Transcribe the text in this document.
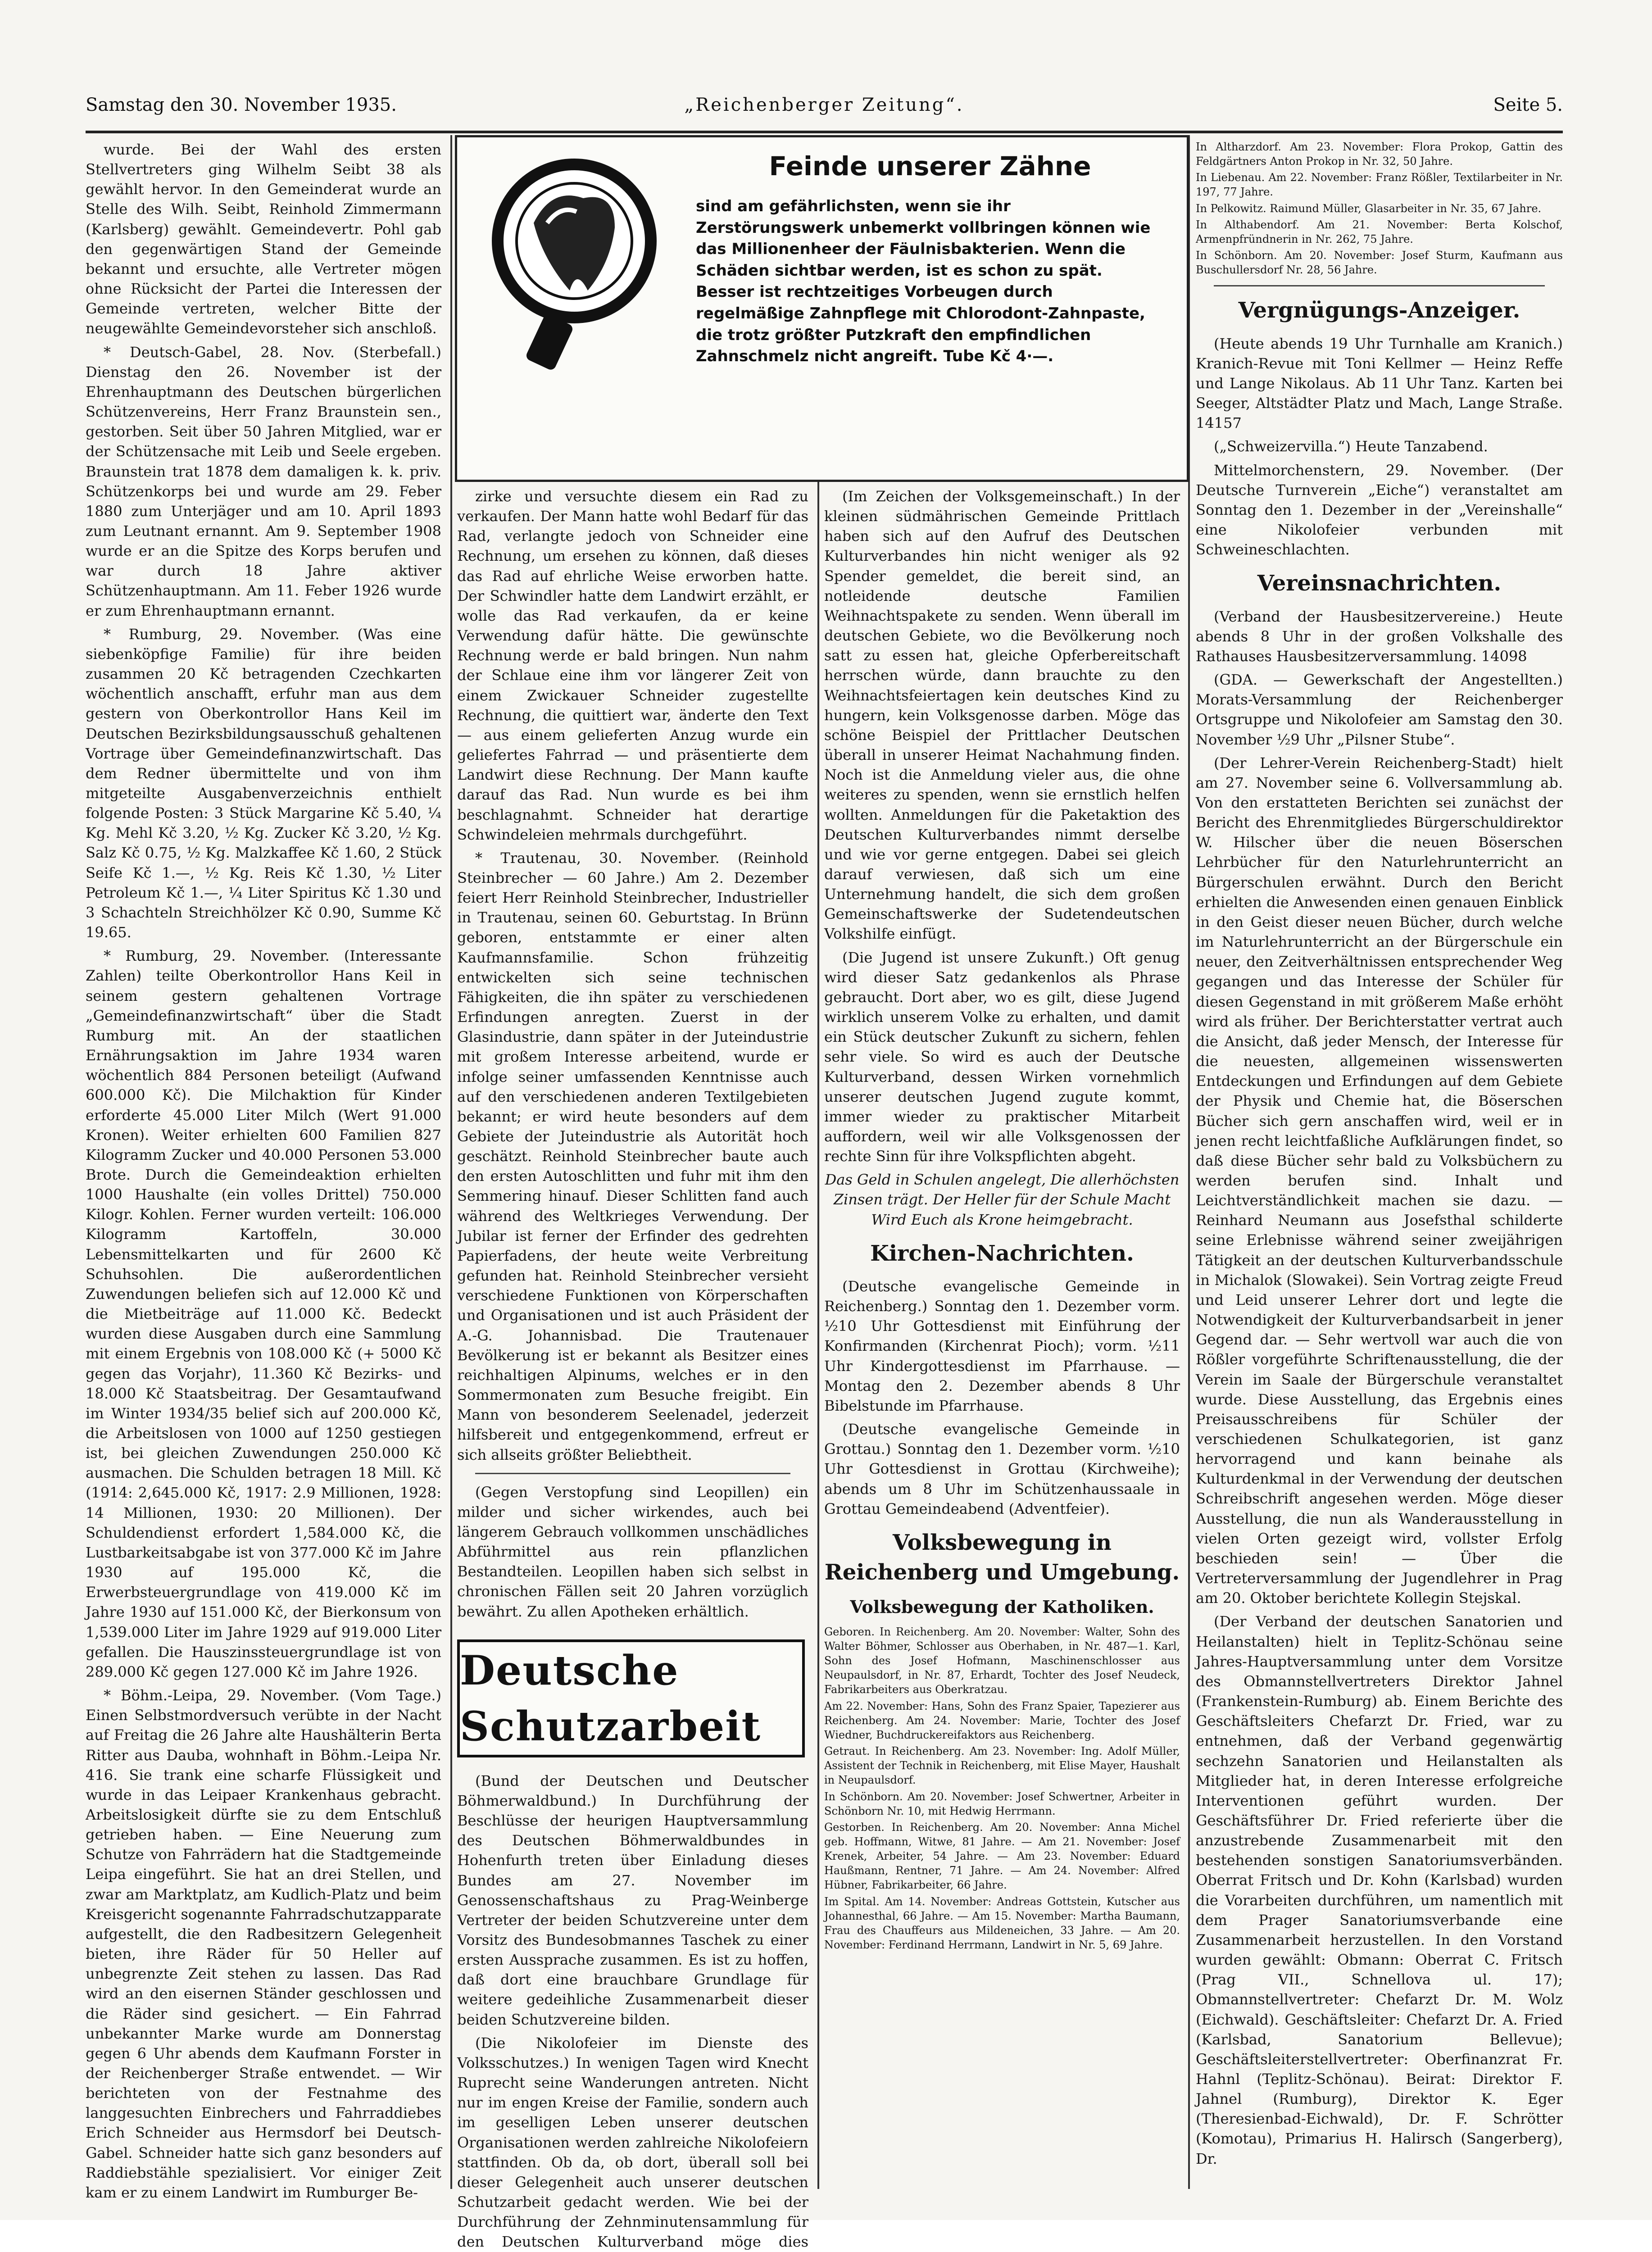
Samstag den 30. November 1935.	„Reichenberger Zeitung“.	Seite 5.
Feinde unserer Zähne
sind am gefährlichsten, wenn sie ihr Zerstörungswerk unbemerkt vollbringen können wie das Millionenheer der Fäulnisbakterien. Wenn die Schäden sichtbar werden, ist es schon zu spät. Besser ist rechtzeitiges Vorbeugen durch regelmäßige Zahnpflege mit Chlorodont-Zahnpaste, die trotz größter Putzkraft den empfindlichen Zahnschmelz nicht angreift. Tube Kč 4·—.

wurde. Bei der Wahl des ersten Stellvertreters ging Wilhelm Seibt 38 als gewählt hervor. In den Gemeinderat wurde an Stelle des Wilh. Seibt, Reinhold Zimmermann (Karlsberg) gewählt. Gemeindevertr. Pohl gab den gegenwärtigen Stand der Gemeinde bekannt und ersuchte, alle Vertreter mögen ohne Rücksicht der Partei die Interessen der Gemeinde vertreten, welcher Bitte der neugewählte Gemeindevorsteher sich anschloß.

* Deutsch-Gabel, 28. Nov. (Sterbefall.) Dienstag den 26. November ist der Ehrenhauptmann des Deutschen bürgerlichen Schützenvereins, Herr Franz Braunstein sen., gestorben. Seit über 50 Jahren Mitglied, war er der Schützensache mit Leib und Seele ergeben. Braunstein trat 1878 dem damaligen k. k. priv. Schützenkorps bei und wurde am 29. Feber 1880 zum Unterjäger und am 10. April 1893 zum Leutnant ernannt. Am 9. September 1908 wurde er an die Spitze des Korps berufen und war durch 18 Jahre aktiver Schützenhauptmann. Am 11. Feber 1926 wurde er zum Ehrenhauptmann ernannt.

* Rumburg, 29. November. (Was eine siebenköpfige Familie) für ihre beiden zusammen 20 Kč betragenden Czechkarten wöchentlich anschafft, erfuhr man aus dem gestern von Oberkontrollor Hans Keil im Deutschen Bezirksbildungsausschuß gehaltenen Vortrage über Gemeindefinanzwirtschaft. Das dem Redner übermittelte und von ihm mitgeteilte Ausgabenverzeichnis enthielt folgende Posten: 3 Stück Margarine Kč 5.40, ¼ Kg. Mehl Kč 3.20, ½ Kg. Zucker Kč 3.20, ½ Kg. Salz Kč 0.75, ½ Kg. Malzkaffee Kč 1.60, 2 Stück Seife Kč 1.—, ½ Kg. Reis Kč 1.30, ½ Liter Petroleum Kč 1.—, ¼ Liter Spiritus Kč 1.30 und 3 Schachteln Streichhölzer Kč 0.90, Summe Kč 19.65.

* Rumburg, 29. November. (Interessante Zahlen) teilte Oberkontrollor Hans Keil in seinem gestern gehaltenen Vortrage „Gemeindefinanzwirtschaft“ über die Stadt Rumburg mit. An der staatlichen Ernährungsaktion im Jahre 1934 waren wöchentlich 884 Personen beteiligt (Aufwand 600.000 Kč). Die Milchaktion für Kinder erforderte 45.000 Liter Milch (Wert 91.000 Kronen). Weiter erhielten 600 Familien 827 Kilogramm Zucker und 40.000 Personen 53.000 Brote. Durch die Gemeindeaktion erhielten 1000 Haushalte (ein volles Drittel) 750.000 Kilogr. Kohlen. Ferner wurden verteilt: 106.000 Kilogramm Kartoffeln, 30.000 Lebensmittelkarten und für 2600 Kč Schuhsohlen. Die außerordentlichen Zuwendungen beliefen sich auf 12.000 Kč und die Mietbeiträge auf 11.000 Kč. Bedeckt wurden diese Ausgaben durch eine Sammlung mit einem Ergebnis von 108.000 Kč (+ 5000 Kč gegen das Vorjahr), 11.360 Kč Bezirks- und 18.000 Kč Staatsbeitrag. Der Gesamtaufwand im Winter 1934/35 belief sich auf 200.000 Kč, die Arbeitslosen von 1000 auf 1250 gestiegen ist, bei gleichen Zuwendungen 250.000 Kč ausmachen. Die Schulden betragen 18 Mill. Kč (1914: 2,645.000 Kč, 1917: 2.9 Millionen, 1928: 14 Millionen, 1930: 20 Millionen). Der Schuldendienst erfordert 1,584.000 Kč, die Lustbarkeitsabgabe ist von 377.000 Kč im Jahre 1930 auf 195.000 Kč, die Erwerbsteuergrundlage von 419.000 Kč im Jahre 1930 auf 151.000 Kč, der Bierkonsum von 1,539.000 Liter im Jahre 1929 auf 919.000 Liter gefallen. Die Hauszinssteuergrundlage ist von 289.000 Kč gegen 127.000 Kč im Jahre 1926.

* Böhm.-Leipa, 29. November. (Vom Tage.) Einen Selbstmordversuch verübte in der Nacht auf Freitag die 26 Jahre alte Haushälterin Berta Ritter aus Dauba, wohnhaft in Böhm.-Leipa Nr. 416. Sie trank eine scharfe Flüssigkeit und wurde in das Leipaer Krankenhaus gebracht. Arbeitslosigkeit dürfte sie zu dem Entschluß getrieben haben. — Eine Neuerung zum Schutze von Fahrrädern hat die Stadtgemeinde Leipa eingeführt. Sie hat an drei Stellen, und zwar am Marktplatz, am Kudlich-Platz und beim Kreisgericht sogenannte Fahrradschutzapparate aufgestellt, die den Radbesitzern Gelegenheit bieten, ihre Räder für 50 Heller auf unbegrenzte Zeit stehen zu lassen. Das Rad wird an den eisernen Ständer geschlossen und die Räder sind gesichert. — Ein Fahrrad unbekannter Marke wurde am Donnerstag gegen 6 Uhr abends dem Kaufmann Forster in der Reichenberger Straße entwendet. — Wir berichteten von der Festnahme des langgesuchten Einbrechers und Fahrraddiebes Erich Schneider aus Hermsdorf bei Deutsch-Gabel. Schneider hatte sich ganz besonders auf Raddiebstähle spezialisiert. Vor einiger Zeit kam er zu einem Landwirt im Rumburger Be-

zirke und versuchte diesem ein Rad zu verkaufen. Der Mann hatte wohl Bedarf für das Rad, verlangte jedoch von Schneider eine Rechnung, um ersehen zu können, daß dieses das Rad auf ehrliche Weise erworben hatte. Der Schwindler hatte dem Landwirt erzählt, er wolle das Rad verkaufen, da er keine Verwendung dafür hätte. Die gewünschte Rechnung werde er bald bringen. Nun nahm der Schlaue eine ihm vor längerer Zeit von einem Zwickauer Schneider zugestellte Rechnung, die quittiert war, änderte den Text — aus einem gelieferten Anzug wurde ein geliefertes Fahrrad — und präsentierte dem Landwirt diese Rechnung. Der Mann kaufte darauf das Rad. Nun wurde es bei ihm beschlagnahmt. Schneider hat derartige Schwindeleien mehrmals durchgeführt.

* Trautenau, 30. November. (Reinhold Steinbrecher — 60 Jahre.) Am 2. Dezember feiert Herr Reinhold Steinbrecher, Industrieller in Trautenau, seinen 60. Geburtstag. In Brünn geboren, entstammte er einer alten Kaufmannsfamilie. Schon frühzeitig entwickelten sich seine technischen Fähigkeiten, die ihn später zu verschiedenen Erfindungen anregten. Zuerst in der Glasindustrie, dann später in der Juteindustrie mit großem Interesse arbeitend, wurde er infolge seiner umfassenden Kenntnisse auch auf den verschiedenen anderen Textilgebieten bekannt; er wird heute besonders auf dem Gebiete der Juteindustrie als Autorität hoch geschätzt. Reinhold Steinbrecher baute auch den ersten Autoschlitten und fuhr mit ihm den Semmering hinauf. Dieser Schlitten fand auch während des Weltkrieges Verwendung. Der Jubilar ist ferner der Erfinder des gedrehten Papierfadens, der heute weite Verbreitung gefunden hat. Reinhold Steinbrecher versieht verschiedene Funktionen von Körperschaften und Organisationen und ist auch Präsident der A.-G. Johannisbad. Die Trautenauer Bevölkerung ist er bekannt als Besitzer eines reichhaltigen Alpinums, welches er in den Sommermonaten zum Besuche freigibt. Ein Mann von besonderem Seelenadel, jederzeit hilfsbereit und entgegenkommend, erfreut er sich allseits größter Beliebtheit.

(Gegen Verstopfung sind Leopillen) ein milder und sicher wirkendes, auch bei längerem Gebrauch vollkommen unschädliches Abführmittel aus rein pflanzlichen Bestandteilen. Leopillen haben sich selbst in chronischen Fällen seit 20 Jahren vorzüglich bewährt. Zu allen Apotheken erhältlich.

Deutsche Schutzarbeit

(Bund der Deutschen und Deutscher Böhmerwaldbund.) In Durchführung der Beschlüsse der heurigen Hauptversammlung des Deutschen Böhmerwaldbundes in Hohenfurth treten über Einladung dieses Bundes am 27. November im Genossenschaftshaus zu Prag-Weinberge Vertreter der beiden Schutzvereine unter dem Vorsitz des Bundesobmannes Taschek zu einer ersten Aussprache zusammen. Es ist zu hoffen, daß dort eine brauchbare Grundlage für weitere gedeihliche Zusammenarbeit dieser beiden Schutzvereine bilden.

(Die Nikolofeier im Dienste des Volksschutzes.) In wenigen Tagen wird Knecht Ruprecht seine Wanderungen antreten. Nicht nur im engen Kreise der Familie, sondern auch im geselligen Leben unserer deutschen Organisationen werden zahlreiche Nikolofeiern stattfinden. Ob da, ob dort, überall soll bei dieser Gelegenheit auch unserer deutschen Schutzarbeit gedacht werden. Wie bei der Durchführung der Zehnminutensammlung für den Deutschen Kulturverband möge dies

(Im Zeichen der Volksgemeinschaft.) In der kleinen südmährischen Gemeinde Prittlach haben sich auf den Aufruf des Deutschen Kulturverbandes hin nicht weniger als 92 Spender gemeldet, die bereit sind, an notleidende deutsche Familien Weihnachtspakete zu senden. Wenn überall im deutschen Gebiete, wo die Bevölkerung noch satt zu essen hat, gleiche Opferbereitschaft herrschen würde, dann brauchte zu den Weihnachtsfeiertagen kein deutsches Kind zu hungern, kein Volksgenosse darben. Möge das schöne Beispiel der Prittlacher Deutschen überall in unserer Heimat Nachahmung finden. Noch ist die Anmeldung vieler aus, die ohne weiteres zu spenden, wenn sie ernstlich helfen wollten. Anmeldungen für die Paketaktion des Deutschen Kulturverbandes nimmt derselbe und wie vor gerne entgegen. Dabei sei gleich darauf verwiesen, daß sich um eine Unternehmung handelt, die sich dem großen Gemeinschaftswerke der Sudetendeutschen Volkshilfe einfügt.

(Die Jugend ist unsere Zukunft.) Oft genug wird dieser Satz gedankenlos als Phrase gebraucht. Dort aber, wo es gilt, diese Jugend wirklich unserem Volke zu erhalten, und damit ein Stück deutscher Zukunft zu sichern, fehlen sehr viele. So wird es auch der Deutsche Kulturverband, dessen Wirken vornehmlich unserer deutschen Jugend zugute kommt, immer wieder zu praktischer Mitarbeit auffordern, weil wir alle Volksgenossen der rechte Sinn für ihre Volkspflichten abgeht.

Das Geld in Schulen angelegt, Die allerhöchsten Zinsen trägt. Der Heller für der Schule Macht Wird Euch als Krone heimgebracht.

Kirchen-Nachrichten.

(Deutsche evangelische Gemeinde in Reichenberg.) Sonntag den 1. Dezember vorm. ½10 Uhr Gottesdienst mit Einführung der Konfirmanden (Kirchenrat Pioch); vorm. ½11 Uhr Kindergottesdienst im Pfarrhause. — Montag den 2. Dezember abends 8 Uhr Bibelstunde im Pfarrhause.

(Deutsche evangelische Gemeinde in Grottau.) Sonntag den 1. Dezember vorm. ½10 Uhr Gottesdienst in Grottau (Kirchweihe); abends um 8 Uhr im Schützenhaussaale in Grottau Gemeindeabend (Adventfeier).

Volksbewegung in Reichenberg und Umgebung.
Volksbewegung der Katholiken.

Geboren. In Reichenberg. Am 20. November: Walter, Sohn des Walter Böhmer, Schlosser aus Oberhaben, in Nr. 487—1. Karl, Sohn des Josef Hofmann, Maschinenschlosser aus Neupaulsdorf, in Nr. 87, Erhardt, Tochter des Josef Neudeck, Fabrikarbeiters aus Oberkratzau.

Am 22. November: Hans, Sohn des Franz Spaier, Tapezierer aus Reichenberg. Am 24. November: Marie, Tochter des Josef Wiedner, Buchdruckereifaktors aus Reichenberg.

Getraut. In Reichenberg. Am 23. November: Ing. Adolf Müller, Assistent der Technik in Reichenberg, mit Elise Mayer, Haushalt in Neupaulsdorf.

In Schönborn. Am 20. November: Josef Schwertner, Arbeiter in Schönborn Nr. 10, mit Hedwig Herrmann.

Gestorben. In Reichenberg. Am 20. November: Anna Michel geb. Hoffmann, Witwe, 81 Jahre. — Am 21. November: Josef Krenek, Arbeiter, 54 Jahre. — Am 23. November: Eduard Haußmann, Rentner, 71 Jahre. — Am 24. November: Alfred Hübner, Fabrikarbeiter, 66 Jahre.

Im Spital. Am 14. November: Andreas Gottstein, Kutscher aus Johannesthal, 66 Jahre. — Am 15. November: Martha Baumann, Frau des Chauffeurs aus Mildeneichen, 33 Jahre. — Am 20. November: Ferdinand Herrmann, Landwirt in Nr. 5, 69 Jahre.

In Altharzdorf. Am 23. November: Flora Prokop, Gattin des Feldgärtners Anton Prokop in Nr. 32, 50 Jahre.

In Liebenau. Am 22. November: Franz Rößler, Textilarbeiter in Nr. 197, 77 Jahre.

In Pelkowitz. Raimund Müller, Glasarbeiter in Nr. 35, 67 Jahre.

In Althabendorf. Am 21. November: Berta Kolschof, Armenpfründnerin in Nr. 262, 75 Jahre.

In Schönborn. Am 20. November: Josef Sturm, Kaufmann aus Buschullersdorf Nr. 28, 56 Jahre.

Vergnügungs-Anzeiger.

(Heute abends 19 Uhr Turnhalle am Kranich.) Kranich-Revue mit Toni Kellmer — Heinz Reffe und Lange Nikolaus. Ab 11 Uhr Tanz. Karten bei Seeger, Altstädter Platz und Mach, Lange Straße. 14157

(„Schweizervilla.“) Heute Tanzabend.

Mittelmorchenstern, 29. November. (Der Deutsche Turnverein „Eiche“) veranstaltet am Sonntag den 1. Dezember in der „Vereinshalle“ eine Nikolofeier verbunden mit Schweineschlachten.

Vereinsnachrichten.

(Verband der Hausbesitzervereine.) Heute abends 8 Uhr in der großen Volkshalle des Rathauses Hausbesitzerversammlung. 14098

(GDA. — Gewerkschaft der Angestellten.) Morats-Versammlung der Reichenberger Ortsgruppe und Nikolofeier am Samstag den 30. November ½9 Uhr „Pilsner Stube“.

(Der Lehrer-Verein Reichenberg-Stadt) hielt am 27. November seine 6. Vollversammlung ab. Von den erstatteten Berichten sei zunächst der Bericht des Ehrenmitgliedes Bürgerschuldirektor W. Hilscher über die neuen Böserschen Lehrbücher für den Naturlehrunterricht an Bürgerschulen erwähnt. Durch den Bericht erhielten die Anwesenden einen genauen Einblick in den Geist dieser neuen Bücher, durch welche im Naturlehrunterricht an der Bürgerschule ein neuer, den Zeitverhältnissen entsprechender Weg gegangen und das Interesse der Schüler für diesen Gegenstand in mit größerem Maße erhöht wird als früher. Der Berichterstatter vertrat auch die Ansicht, daß jeder Mensch, der Interesse für die neuesten, allgemeinen wissenswerten Entdeckungen und Erfindungen auf dem Gebiete der Physik und Chemie hat, die Böserschen Bücher sich gern anschaffen wird, weil er in jenen recht leichtfaßliche Aufklärungen findet, so daß diese Bücher sehr bald zu Volksbüchern zu werden berufen sind. Inhalt und Leichtverständlichkeit machen sie dazu. — Reinhard Neumann aus Josefsthal schilderte seine Erlebnisse während seiner zweijährigen Tätigkeit an der deutschen Kulturverbandsschule in Michalok (Slowakei). Sein Vortrag zeigte Freud und Leid unserer Lehrer dort und legte die Notwendigkeit der Kulturverbandsarbeit in jener Gegend dar. — Sehr wertvoll war auch die von Rößler vorgeführte Schriftenausstellung, die der Verein im Saale der Bürgerschule veranstaltet wurde. Diese Ausstellung, das Ergebnis eines Preisausschreibens für Schüler der verschiedenen Schulkategorien, ist ganz hervorragend und kann beinahe als Kulturdenkmal in der Verwendung der deutschen Schreibschrift angesehen werden. Möge dieser Ausstellung, die nun als Wanderausstellung in vielen Orten gezeigt wird, vollster Erfolg beschieden sein! — Über die Vertreterversammlung der Jugendlehrer in Prag am 20. Oktober berichtete Kollegin Stejskal.

(Der Verband der deutschen Sanatorien und Heilanstalten) hielt in Teplitz-Schönau seine Jahres-Hauptversammlung unter dem Vorsitze des Obmannstellvertreters Direktor Jahnel (Frankenstein-Rumburg) ab. Einem Berichte des Geschäftsleiters Chefarzt Dr. Fried, war zu entnehmen, daß der Verband gegenwärtig sechzehn Sanatorien und Heilanstalten als Mitglieder hat, in deren Interesse erfolgreiche Interventionen geführt wurden. Der Geschäftsführer Dr. Fried referierte über die anzustrebende Zusammenarbeit mit den bestehenden sonstigen Sanatoriumsverbänden. Oberrat Fritsch und Dr. Kohn (Karlsbad) wurden die Vorarbeiten durchführen, um namentlich mit dem Prager Sanatoriumsverbande eine Zusammenarbeit herzustellen. In den Vorstand wurden gewählt: Obmann: Oberrat C. Fritsch (Prag VII., Schnellova ul. 17); Obmannstellvertreter: Chefarzt Dr. M. Wolz (Eichwald). Geschäftsleiter: Chefarzt Dr. A. Fried (Karlsbad, Sanatorium Bellevue); Geschäftsleiterstellvertreter: Oberfinanzrat Fr. Hahnl (Teplitz-Schönau). Beirat: Direktor F. Jahnel (Rumburg), Direktor K. Eger (Theresienbad-Eichwald), Dr. F. Schrötter (Komotau), Primarius H. Halirsch (Sangerberg), Dr.
